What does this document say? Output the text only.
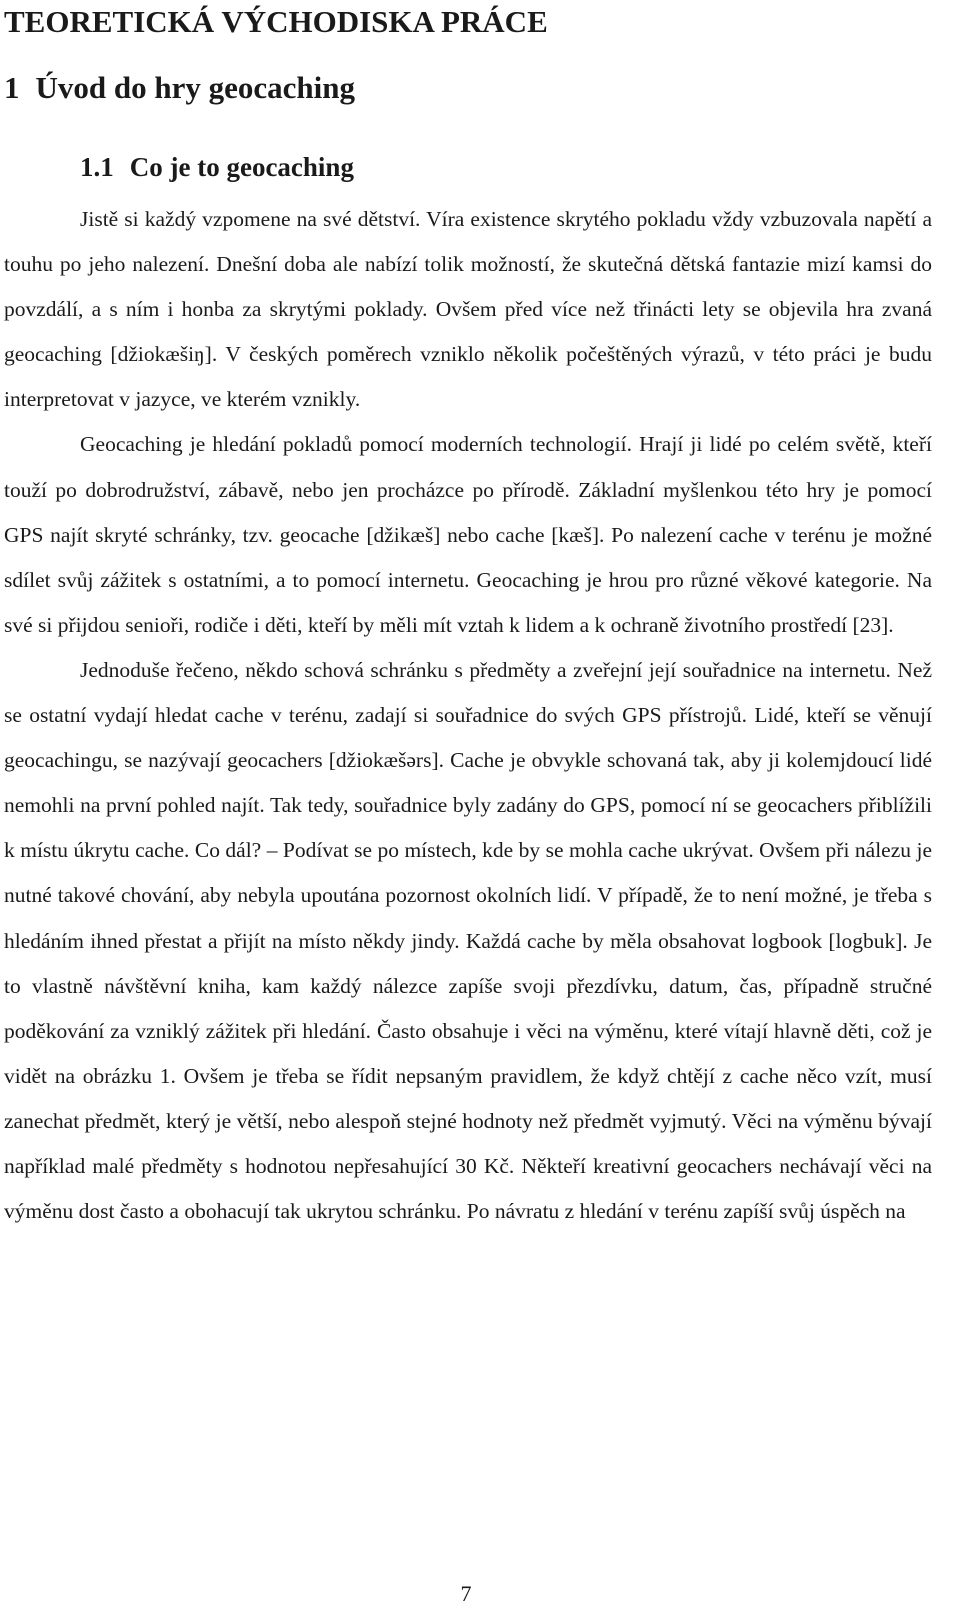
TEORETICKÁ VÝCHODISKA PRÁCE
1 Úvod do hry geocaching
1.1 Co je to geocaching

Jistě si každý vzpomene na své dětství. Víra existence skrytého pokladu vždy vzbuzovala napětí a touhu po jeho nalezení. Dnešní doba ale nabízí tolik možností, že skutečná dětská fantazie mizí kamsi do povzdálí, a s ním i honba za skrytými poklady. Ovšem před více než třinácti lety se objevila hra zvaná geocaching [džiokæšiŋ]. V českých poměrech vzniklo několik počeštěných výrazů, v této práci je budu interpretovat v jazyce, ve kterém vznikly.

Geocaching je hledání pokladů pomocí moderních technologií. Hrají ji lidé po celém světě, kteří touží po dobrodružství, zábavě, nebo jen procházce po přírodě. Základní myšlenkou této hry je pomocí GPS najít skryté schránky, tzv. geocache [džikæš] nebo cache [kæš]. Po nalezení cache v terénu je možné sdílet svůj zážitek s ostatními, a to pomocí internetu. Geocaching je hrou pro různé věkové kategorie. Na své si přijdou senioři, rodiče i děti, kteří by měli mít vztah k lidem a k ochraně životního prostředí [23].

Jednoduše řečeno, někdo schová schránku s předměty a zveřejní její souřadnice na internetu. Než se ostatní vydají hledat cache v terénu, zadají si souřadnice do svých GPS přístrojů. Lidé, kteří se věnují geocachingu, se nazývají geocachers [džiokæšərs]. Cache je obvykle schovaná tak, aby ji kolemjdoucí lidé nemohli na první pohled najít. Tak tedy, souřadnice byly zadány do GPS, pomocí ní se geocachers přiblížili k místu úkrytu cache. Co dál? – Podívat se po místech, kde by se mohla cache ukrývat. Ovšem při nálezu je nutné takové chování, aby nebyla upoutána pozornost okolních lidí. V případě, že to není možné, je třeba s hledáním ihned přestat a přijít na místo někdy jindy. Každá cache by měla obsahovat logbook [logbuk]. Je to vlastně návštěvní kniha, kam každý nálezce zapíše svoji přezdívku, datum, čas, případně stručné poděkování za vzniklý zážitek při hledání. Často obsahuje i věci na výměnu, které vítají hlavně děti, což je vidět na obrázku 1. Ovšem je třeba se řídit nepsaným pravidlem, že když chtějí z cache něco vzít, musí zanechat předmět, který je větší, nebo alespoň stejné hodnoty než předmět vyjmutý. Věci na výměnu bývají například malé předměty s hodnotou nepřesahující 30 Kč. Někteří kreativní geocachers nechávají věci na výměnu dost často a obohacují tak ukrytou schránku. Po návratu z hledání v terénu zapíší svůj úspěch na

7
